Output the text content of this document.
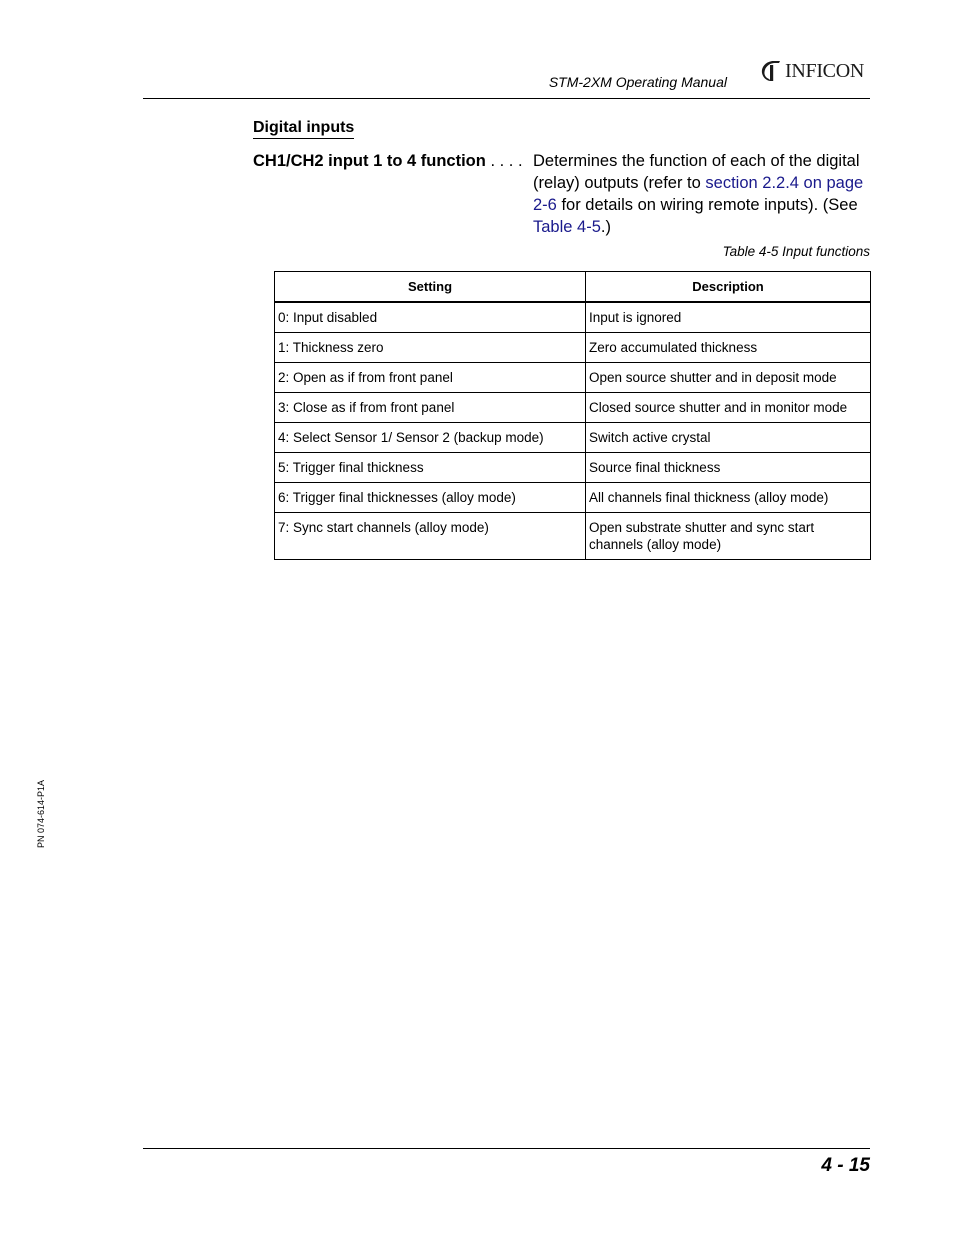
STM-2XM Operating Manual
INFICON
Digital inputs
CH1/CH2 input 1 to 4 function . . . . Determines the function of each of the digital (relay) outputs (refer to section 2.2.4 on page 2-6 for details on wiring remote inputs). (See Table 4-5.)
Table 4-5 Input functions
Setting	Description
0: Input disabled	Input is ignored
1: Thickness zero	Zero accumulated thickness
2: Open as if from front panel	Open source shutter and in deposit mode
3: Close as if from front panel	Closed source shutter and in monitor mode
4: Select Sensor 1/ Sensor 2 (backup mode)	Switch active crystal
5: Trigger final thickness	Source final thickness
6: Trigger final thicknesses (alloy mode)	All channels final thickness (alloy mode)
7: Sync start channels (alloy mode)	Open substrate shutter and sync start channels (alloy mode)
PN 074-614-P1A
4 - 15
